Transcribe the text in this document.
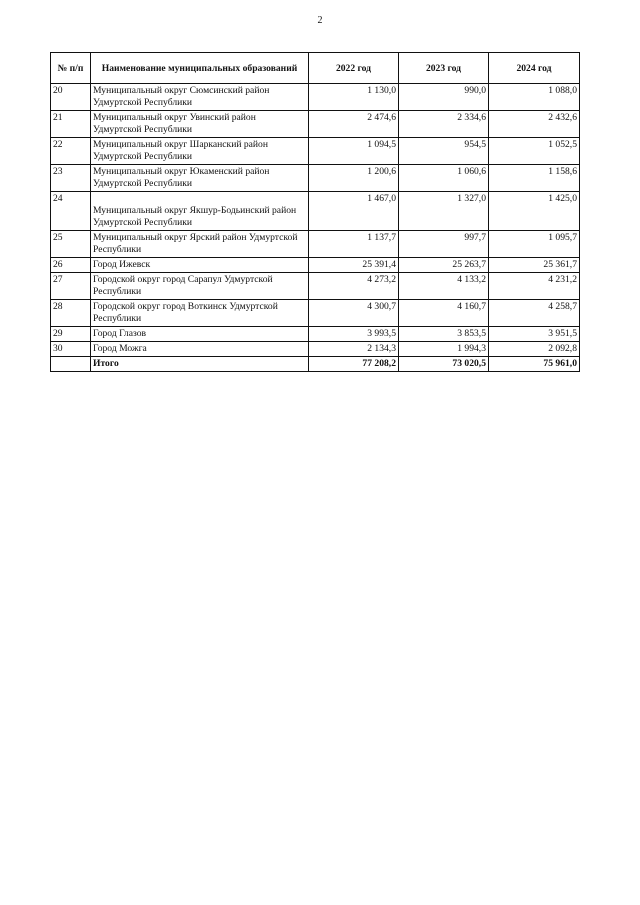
2
№ п/п	Наименование муниципальных образований	2022 год	2023 год	2024 год
20	Муниципальный округ Сюмсинский район Удмуртской Республики	1 130,0	990,0	1 088,0
21	Муниципальный округ Увинский район Удмуртской Республики	2 474,6	2 334,6	2 432,6
22	Муниципальный округ Шарканский район Удмуртской Республики	1 094,5	954,5	1 052,5
23	Муниципальный округ Юкаменский район Удмуртской Республики	1 200,6	1 060,6	1 158,6
24	Муниципальный округ Якшур-Бодьинский район Удмуртской Республики	1 467,0	1 327,0	1 425,0
25	Муниципальный округ Ярский район Удмуртской Республики	1 137,7	997,7	1 095,7
26	Город Ижевск	25 391,4	25 263,7	25 361,7
27	Городской округ город Сарапул Удмуртской Республики	4 273,2	4 133,2	4 231,2
28	Городской округ город Воткинск Удмуртской Республики	4 300,7	4 160,7	4 258,7
29	Город Глазов	3 993,5	3 853,5	3 951,5
30	Город Можга	2 134,3	1 994,3	2 092,8
	Итого	77 208,2	73 020,5	75 961,0
